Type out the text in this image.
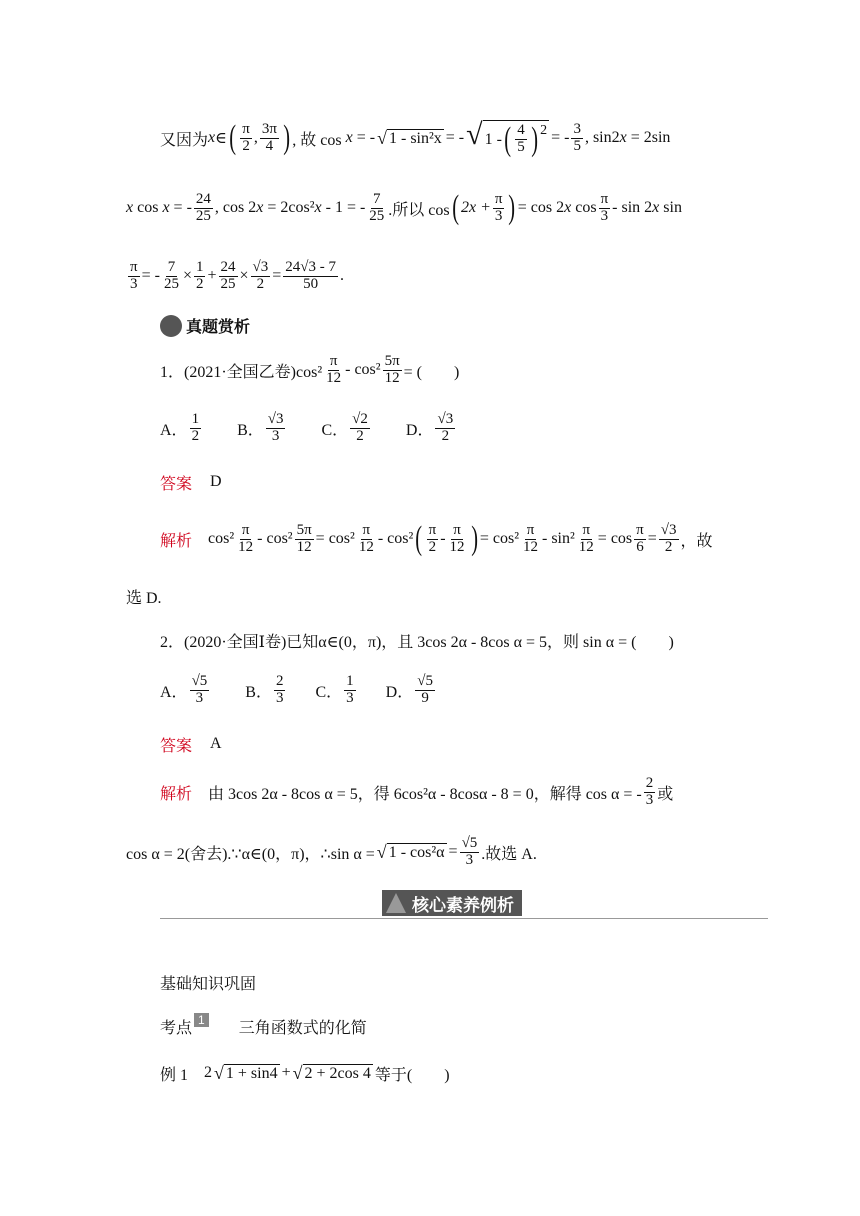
又因为 x ∈ ( $\frac{\pi}{2}$ , $\frac{3\pi}{4}$ ) , 故 cos
x
= - √ 1 - sin²x = - √ 1 - ( $\frac{4}{5}$ ) 2 = - $\frac{3}{5}$ , sin2 x
= 2sin
x
cos
x
= - $\frac{24}{25}$ , cos 2 x
= 2cos² x
- 1 = - $\frac{7}{25}$ .所以 cos ( $2x + \frac{\pi}{3}$ ) = cos 2 x
$\cos \frac{\pi}{3}$ - sin 2 x
sin
$\frac{\pi}{3}$ = - $\frac{7}{25} \times \frac{1}{2} + \frac{24}{25} \times \frac{√3}{2} = \frac{24√3 - 7}{50}$ .
真题赏析
1．(2021·全国乙卷)$\cos^2 \frac{\pi}{12} - \cos^2 \frac{5\pi}{12}$ = (　　)
A． $\frac{1}{2}$ B． $\frac{√3}{3}$ C． $\frac{√2}{2}$ D． $\frac{√3}{2}$
答案 D
解析 $\cos^2 \frac{\pi}{12} - \cos^2 \frac{5\pi}{12} = \cos^2 \frac{\pi}{12} - \cos^2$ ( $\frac{\pi}{2} - \frac{\pi}{12}$ ) = $\cos^2 \frac{\pi}{12} - \sin^2 \frac{\pi}{12} = \cos \frac{\pi}{6} = \frac{√3}{2}$ ，故
选 D.
2．(2020·全国Ⅰ卷)已知α∈(0，π)，且 3cos 2α - 8cos α = 5，则 sin α = (　　)
A． $\frac{√5}{3}$ B． $\frac{2}{3}$ C． $\frac{1}{3}$ D． $\frac{√5}{9}$
答案 A
解析 由 3cos 2α - 8cos α = 5，得 6cos²α - 8cosα - 8 = 0，解得 cos α = - $\frac{2}{3}$ 或
cos α = 2(舍去).∵α∈(0，π)，∴sin α = √ $1 - \cos^2\alpha = \frac{√5}{3}$ .故选 A.
核心素养例析
基础知识巩固
考点 1 三角函数式的化简
例 1 2 √ 1 + sin4 + √ 2 + 2cos 4 等于(　　)
